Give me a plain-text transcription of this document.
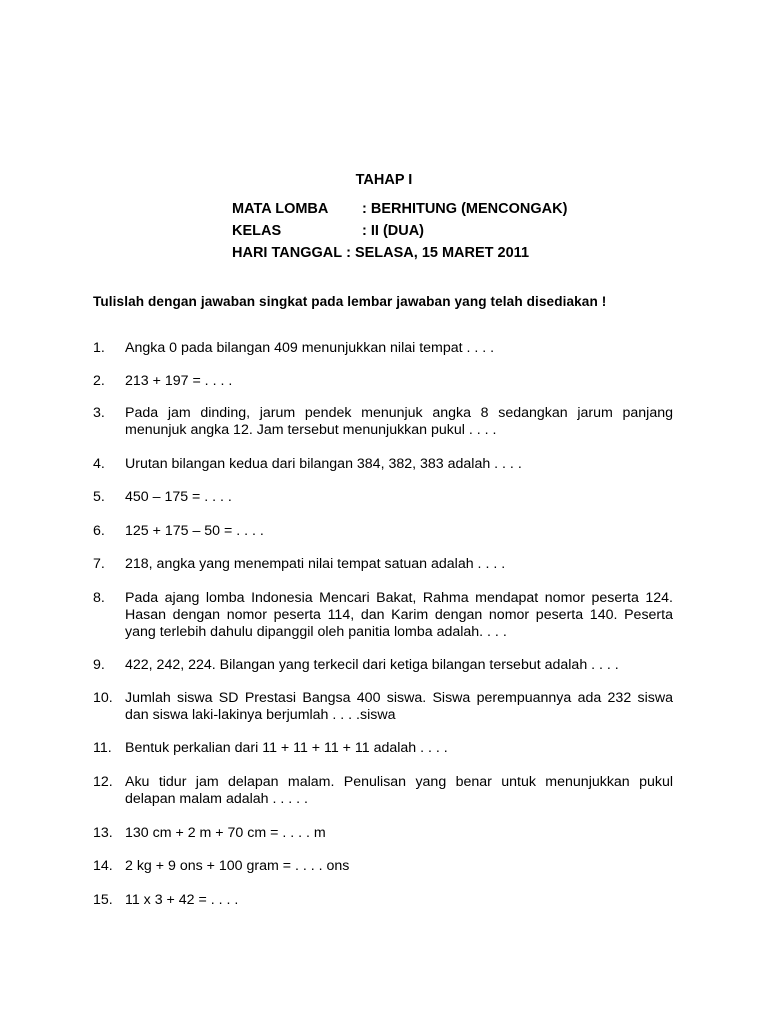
TAHAP I
MATA LOMBA	: BERHITUNG (MENCONGAK)
KELAS	: II (DUA)
HARI TANGGAL : SELASA, 15 MARET 2011
Tulislah dengan jawaban singkat pada lembar jawaban yang telah disediakan !
1. Angka 0 pada bilangan 409 menunjukkan nilai tempat . . . .
2. 213 + 197 = . . . .
3. Pada jam dinding, jarum pendek menunjuk angka 8 sedangkan jarum panjang menunjuk angka 12. Jam tersebut menunjukkan pukul . . . .
4. Urutan bilangan kedua dari bilangan 384, 382, 383 adalah . . . .
5. 450 – 175 = . . . .
6. 125 + 175 – 50 = . . . .
7. 218, angka yang menempati nilai tempat satuan adalah . . . .
8. Pada ajang lomba Indonesia Mencari Bakat, Rahma mendapat nomor peserta 124. Hasan dengan nomor peserta 114, dan Karim dengan nomor peserta 140. Peserta yang terlebih dahulu dipanggil oleh panitia lomba adalah. . . .
9. 422, 242, 224. Bilangan yang terkecil dari ketiga bilangan tersebut adalah . . . .
10. Jumlah siswa SD Prestasi Bangsa 400 siswa. Siswa perempuannya ada 232 siswa dan siswa laki-lakinya berjumlah . . . .siswa
11. Bentuk perkalian dari 11 + 11 + 11 + 11 adalah . . . .
12. Aku tidur jam delapan malam. Penulisan yang benar untuk menunjukkan pukul delapan malam adalah . . . . .
13. 130 cm + 2 m + 70 cm = . . . . m
14. 2 kg + 9 ons + 100 gram = . . . . ons
15. 11 x 3 + 42 = . . . .
